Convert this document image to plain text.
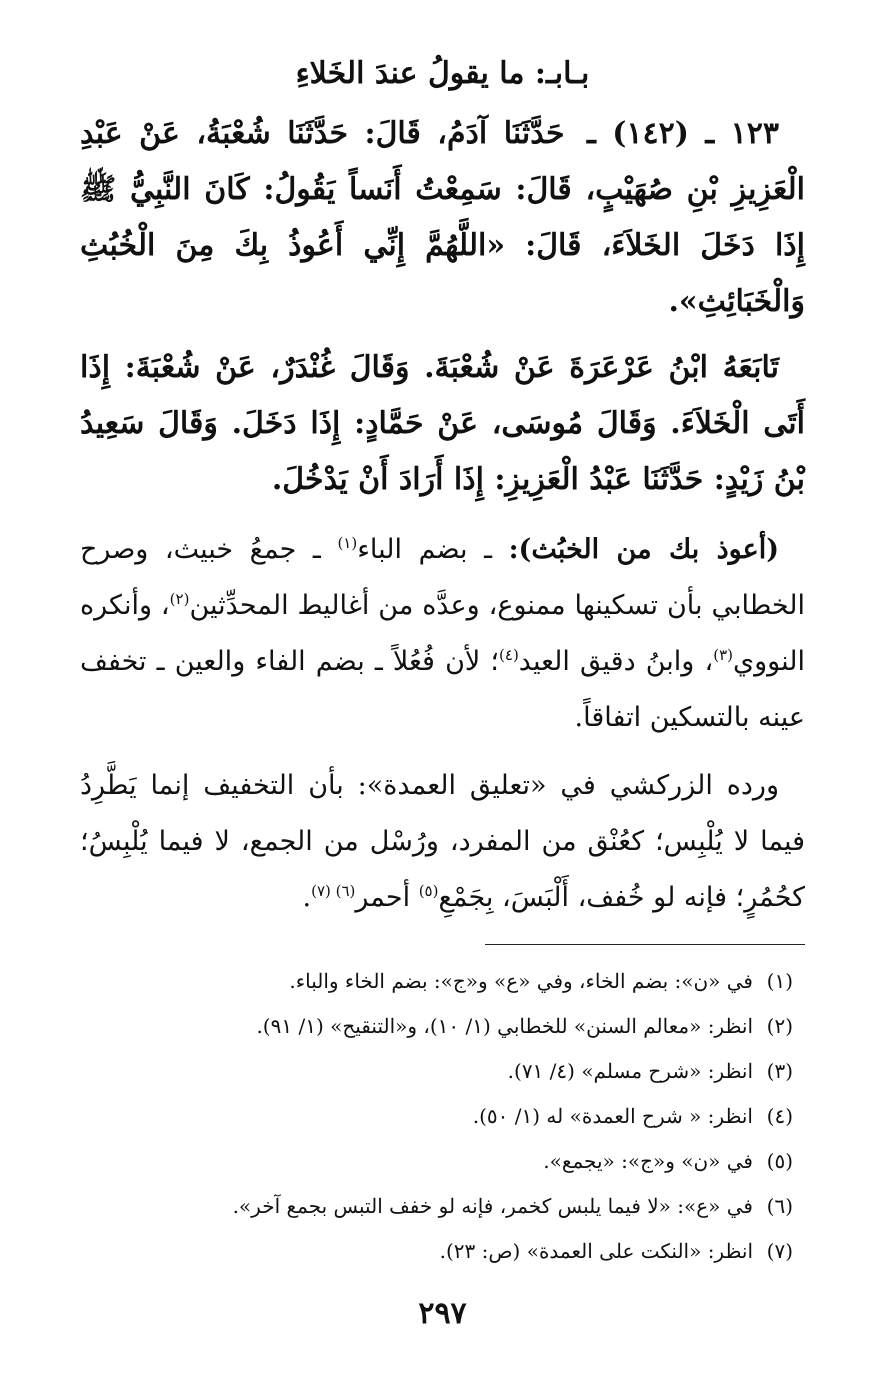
بـابـ: ما يقولُ عندَ الخَلاءِ

١٢٣ ـ (١٤٢) ـ حَدَّثَنَا آدَمُ، قَالَ: حَدَّثَنَا شُعْبَةُ، عَنْ عَبْدِ الْعَزِيزِ بْنِ صُهَيْبٍ، قَالَ: سَمِعْتُ أَنَساً يَقُولُ: كَانَ النَّبِيُّ ﷺ إِذَا دَخَلَ الخَلاَءَ، قَالَ: «اللَّهُمَّ إِنِّي أَعُوذُ بِكَ مِنَ الْخُبُثِ وَالْخَبَائِثِ».

تَابَعَهُ ابْنُ عَرْعَرَةَ عَنْ شُعْبَةَ. وَقَالَ غُنْدَرٌ، عَنْ شُعْبَةَ: إِذَا أَتَى الْخَلاَءَ. وَقَالَ مُوسَى، عَنْ حَمَّادٍ: إِذَا دَخَلَ. وَقَالَ سَعِيدُ بْنُ زَيْدٍ: حَدَّثَنَا عَبْدُ الْعَزِيزِ: إِذَا أَرَادَ أَنْ يَدْخُلَ.

(أعوذ بك من الخبُث): ـ بضم الباء$^{(١)}$ ـ جمعُ خبيث، وصرح الخطابي بأن تسكينها ممنوع، وعدَّه من أغاليط المحدِّثين$^{(٢)}$، وأنكره النووي$^{(٣)}$، وابنُ دقيق العيد$^{(٤)}$؛ لأن فُعُلاً ـ بضم الفاء والعين ـ تخفف عينه بالتسكين اتفاقاً.

ورده الزركشي في «تعليق العمدة»: بأن التخفيف إنما يَطَّرِدُ فيما لا يُلْبِس؛ كعُنْق من المفرد، ورُسْل من الجمع، لا فيما يُلْبِسُ؛ كحُمُرٍ؛ فإنه لو خُفف، أَلْبَسَ، بِجَمْعِ$^{(٥)}$ أحمر$^{(٦)}$ $^{(٧)}$.

(١)في «ن»: بضم الخاء، وفي «ع» و«ج»: بضم الخاء والباء.
(٢)انظر: «معالم السنن» للخطابي (١/ ١٠)، و«التنقيح» (١/ ٩١).
(٣)انظر: «شرح مسلم» (٤/ ٧١).
(٤)انظر: « شرح العمدة» له (١/ ٥٠).
(٥)في «ن» و«ج»: «يجمع».
(٦)في «ع»: «لا فيما يلبس كخمر، فإنه لو خفف التبس بجمع آخر».
(٧)انظر: «النكت على العمدة» (ص: ٢٣).
٢٩٧
